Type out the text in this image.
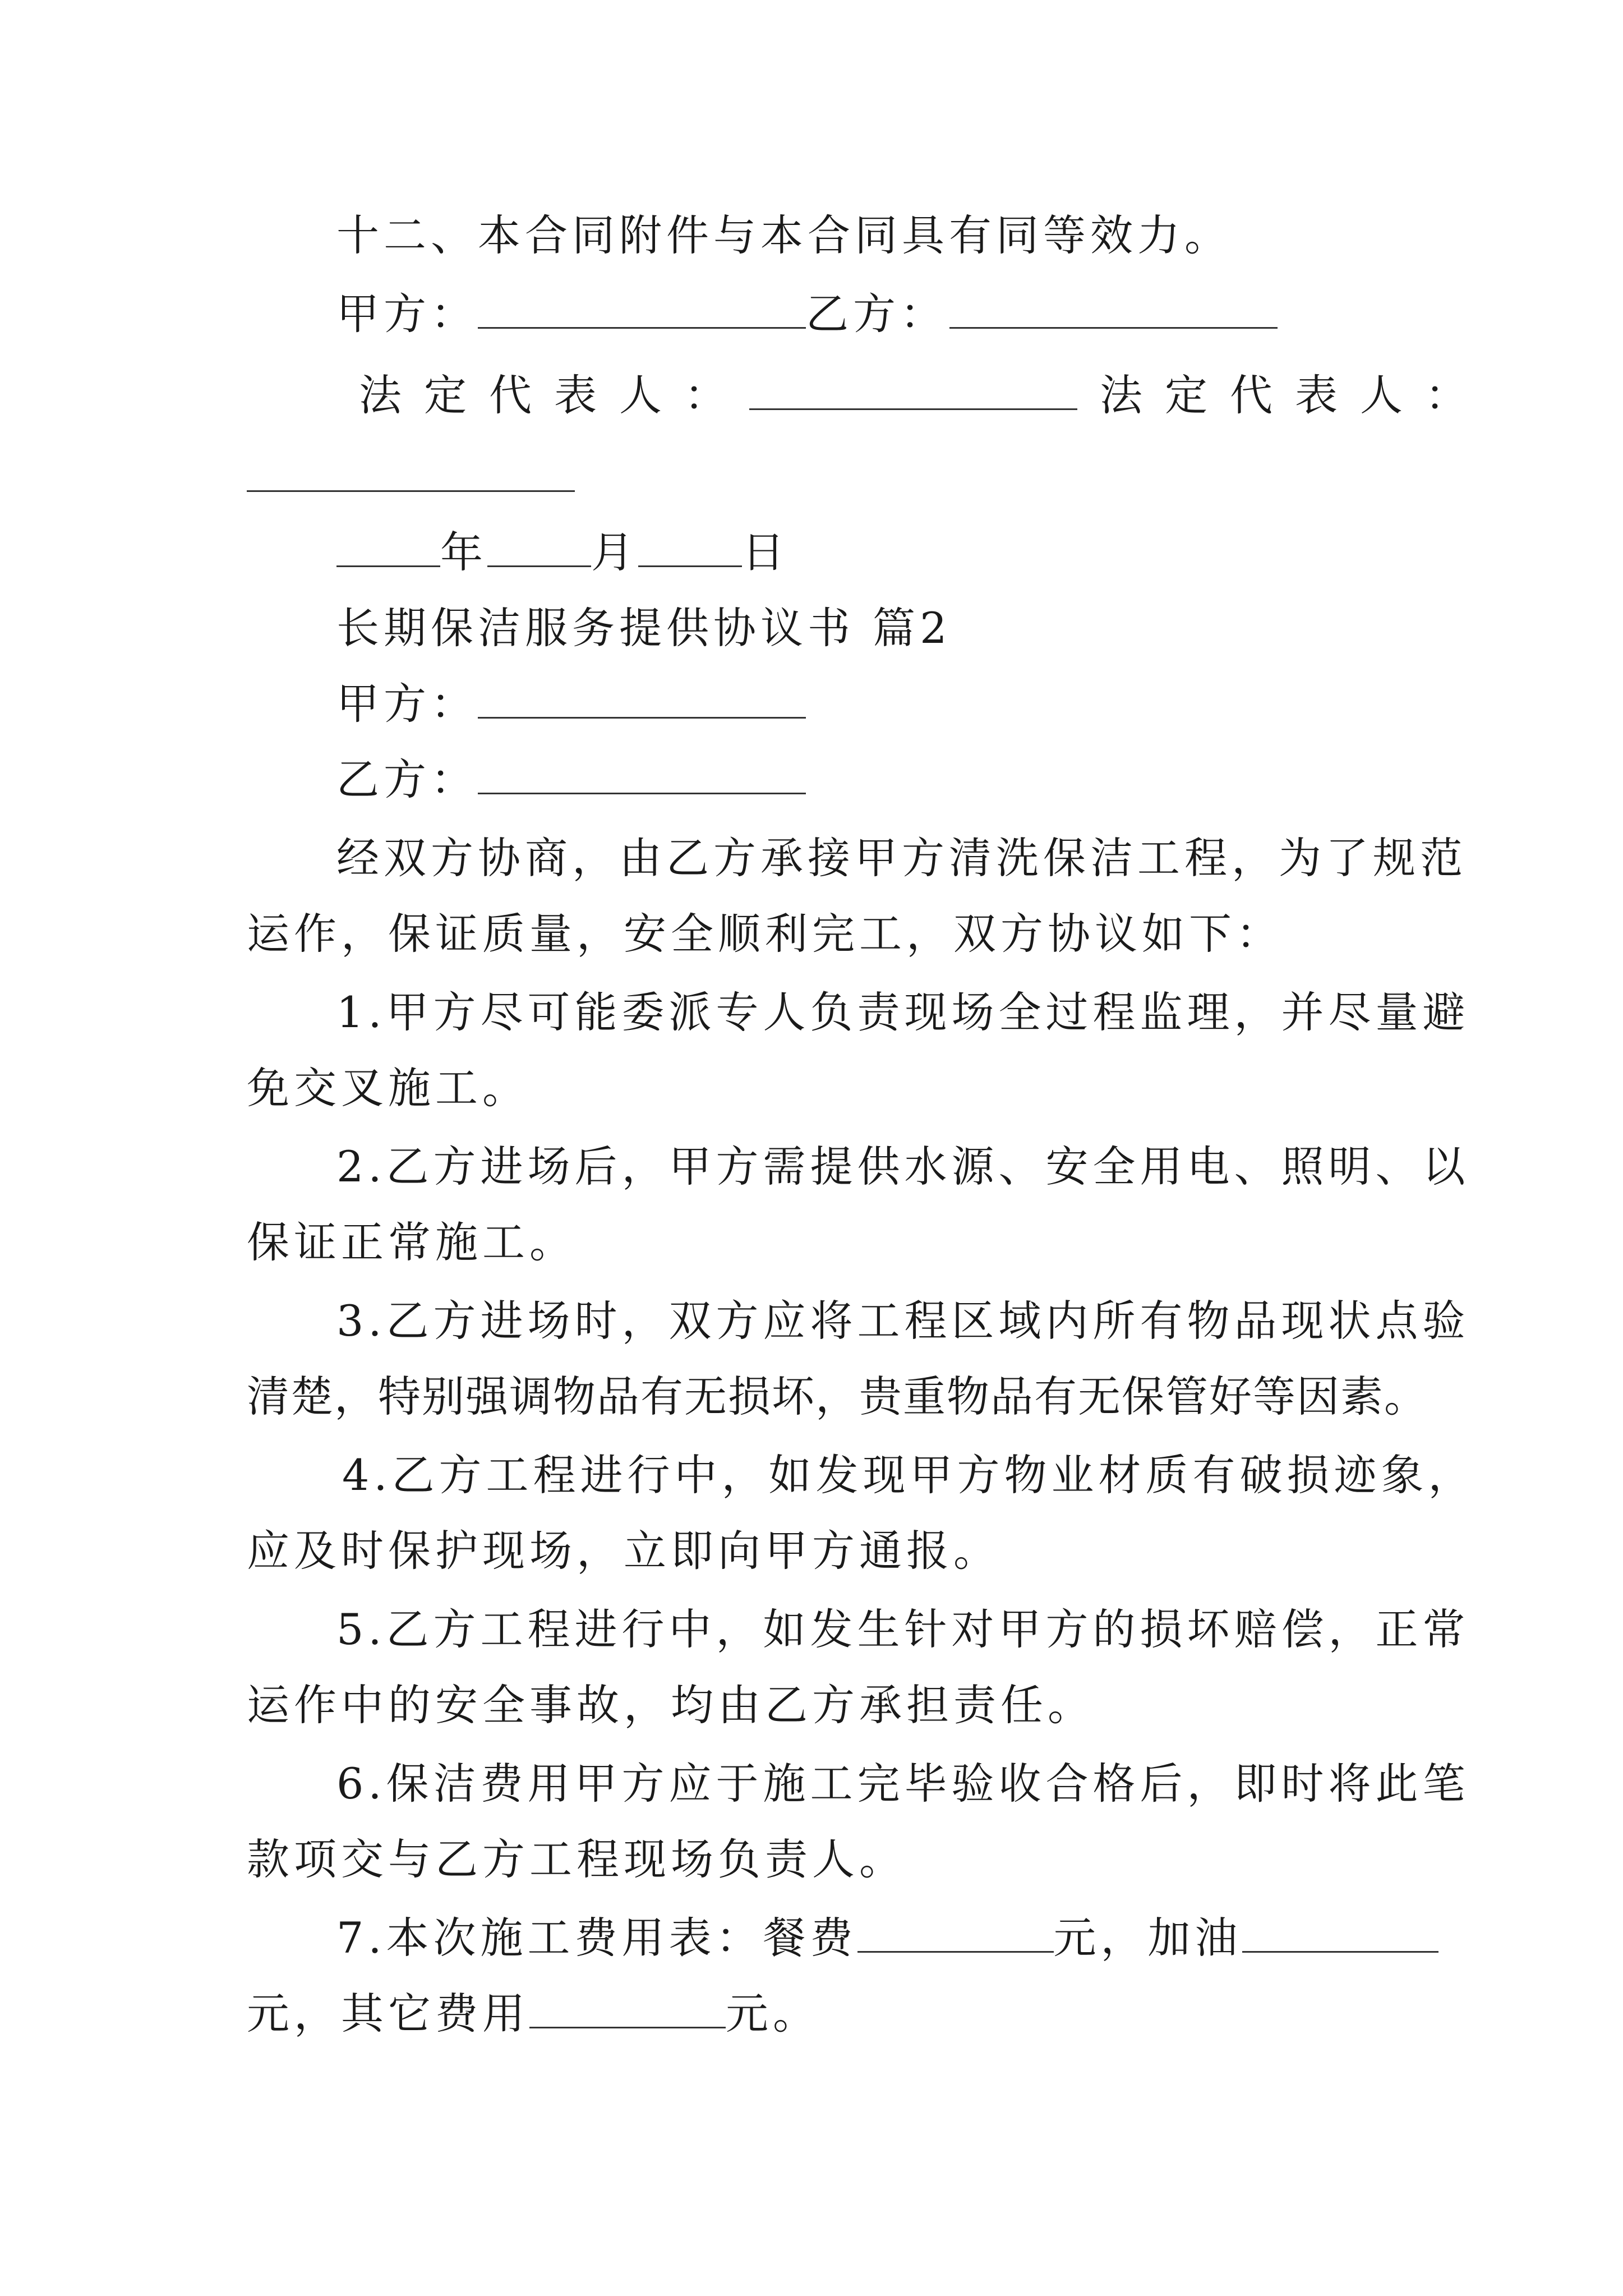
十二、本合同附件与本合同具有同等效力。
甲方：	乙方：
法定代表人：	法定代表人：
年 月 日
长期保洁服务提供协议书 篇2
甲方：
乙方：
经双方协商，由乙方承接甲方清洗保洁工程，为了规范
运作，保证质量，安全顺利完工，双方协议如下：
1.甲方尽可能委派专人负责现场全过程监理，并尽量避
免交叉施工。
2.乙方进场后，甲方需提供水源、安全用电、照明、以
保证正常施工。
3.乙方进场时，双方应将工程区域内所有物品现状点验
清楚，特别强调物品有无损坏，贵重物品有无保管好等因素。
4.乙方工程进行中，如发现甲方物业材质有破损迹象，
应及时保护现场，立即向甲方通报。
5.乙方工程进行中，如发生针对甲方的损坏赔偿，正常
运作中的安全事故，均由乙方承担责任。
6.保洁费用甲方应于施工完毕验收合格后，即时将此笔
款项交与乙方工程现场负责人。
7.本次施工费用表：餐费	元，加油
元，其它费用	元。
